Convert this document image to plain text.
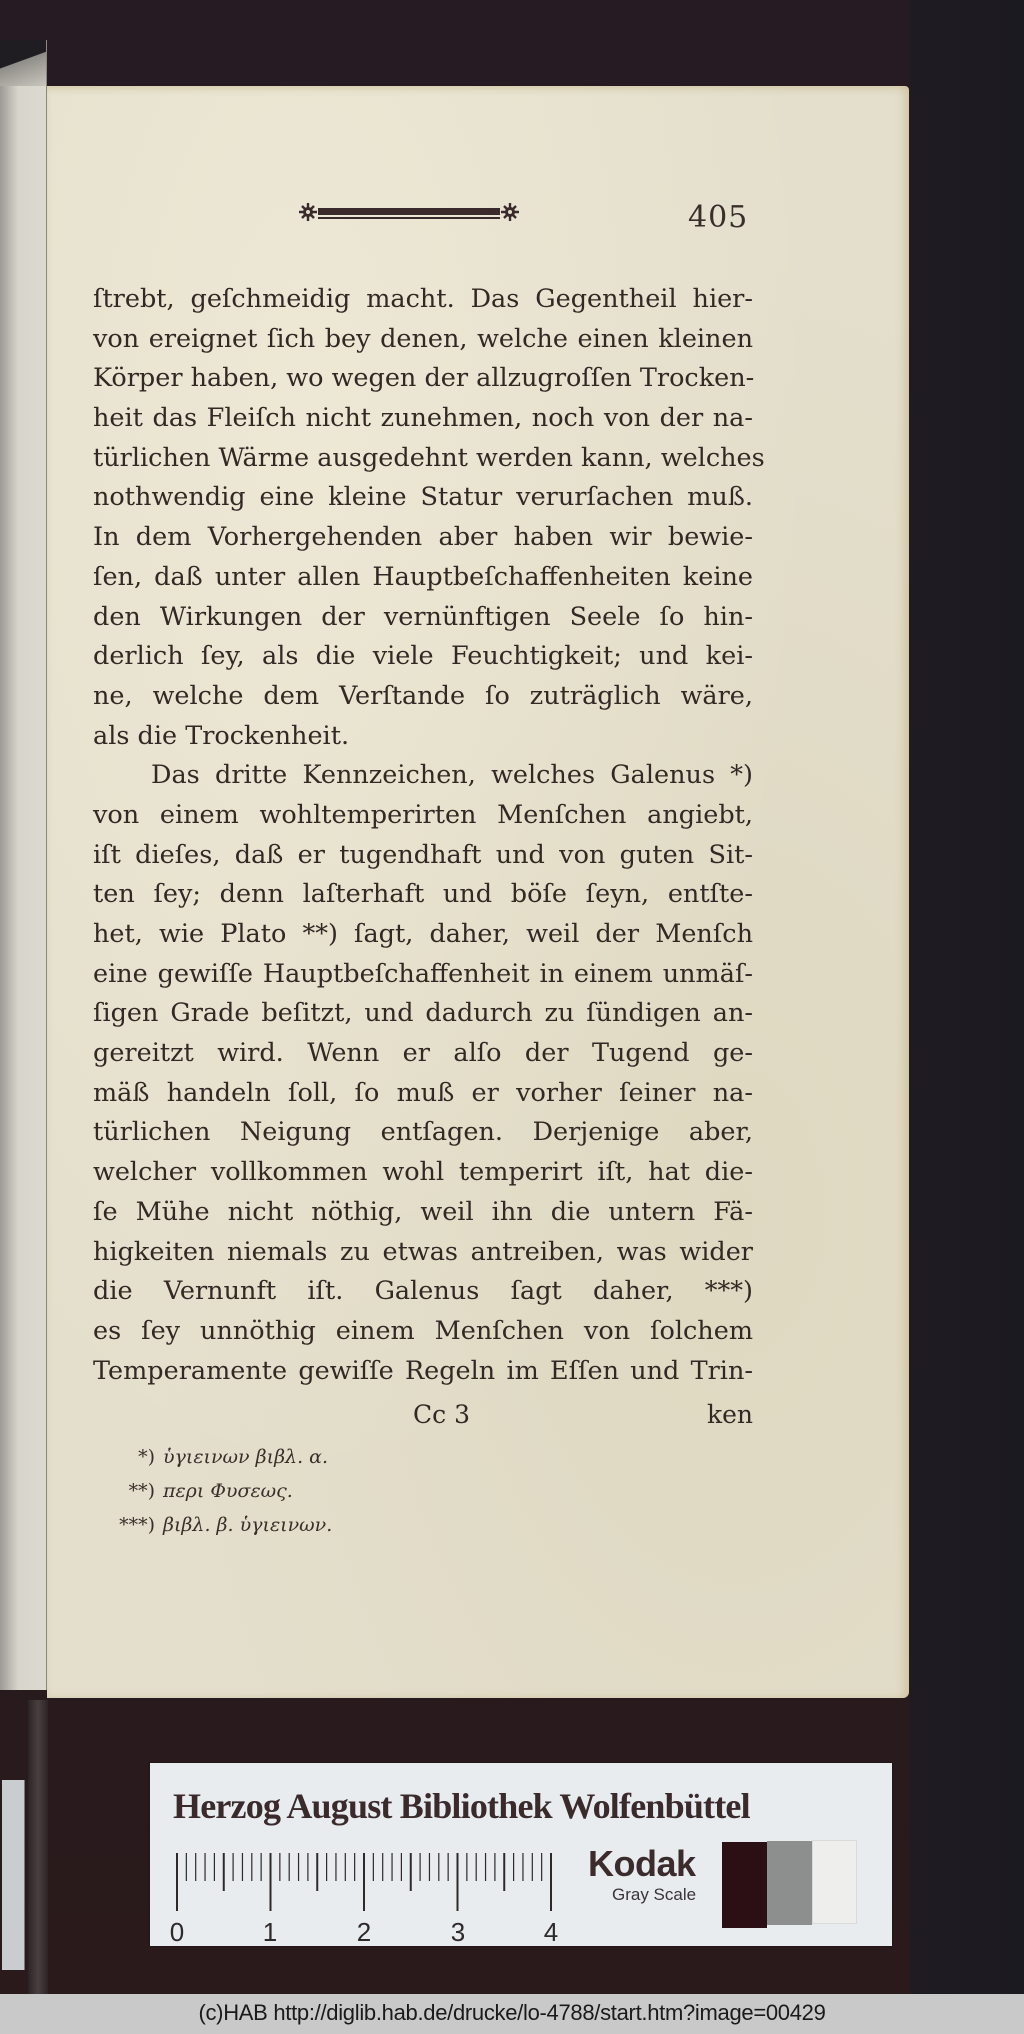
405
ſtrebt, geſchmeidig macht. Das Gegentheil hier-
von ereignet ſich bey denen, welche einen kleinen
Körper haben, wo wegen der allzugroſſen Trocken-
heit das Fleiſch nicht zunehmen, noch von der na-
türlichen Wärme ausgedehnt werden kann, welches
nothwendig eine kleine Statur verurſachen muß.
In dem Vorhergehenden aber haben wir bewie-
ſen, daß unter allen Hauptbeſchaffenheiten keine
den Wirkungen der vernünftigen Seele ſo hin-
derlich ſey, als die viele Feuchtigkeit; und kei-
ne, welche dem Verſtande ſo zuträglich wäre,
als die Trockenheit.
Das dritte Kennzeichen, welches Galenus *)
von einem wohltemperirten Menſchen angiebt,
iſt dieſes, daß er tugendhaft und von guten Sit-
ten ſey; denn laſterhaft und böſe ſeyn, entſte-
het, wie Plato **) ſagt, daher, weil der Menſch
eine gewiſſe Hauptbeſchaffenheit in einem unmäſ-
ſigen Grade beſitzt, und dadurch zu ſündigen an-
gereitzt wird. Wenn er alſo der Tugend ge-
mäß handeln ſoll, ſo muß er vorher ſeiner na-
türlichen Neigung entſagen. Derjenige aber,
welcher vollkommen wohl temperirt iſt, hat die-
ſe Mühe nicht nöthig, weil ihn die untern Fä-
higkeiten niemals zu etwas antreiben, was wider
die Vernunft iſt. Galenus ſagt daher, ***)
es ſey unnöthig einem Menſchen von ſolchem
Temperamente gewiſſe Regeln im Eſſen und Trin-
Cc 3	ken
*) ὑγιεινων βιβλ. α.
**) περι Φυσεως.
***) βιβλ. β. ὑγιεινων.
Herzog August Bibliothek Wolfenbüttel
0	1	2	3	4
Kodak
Gray Scale
(c)HAB http://diglib.hab.de/drucke/lo-4788/start.htm?image=00429
